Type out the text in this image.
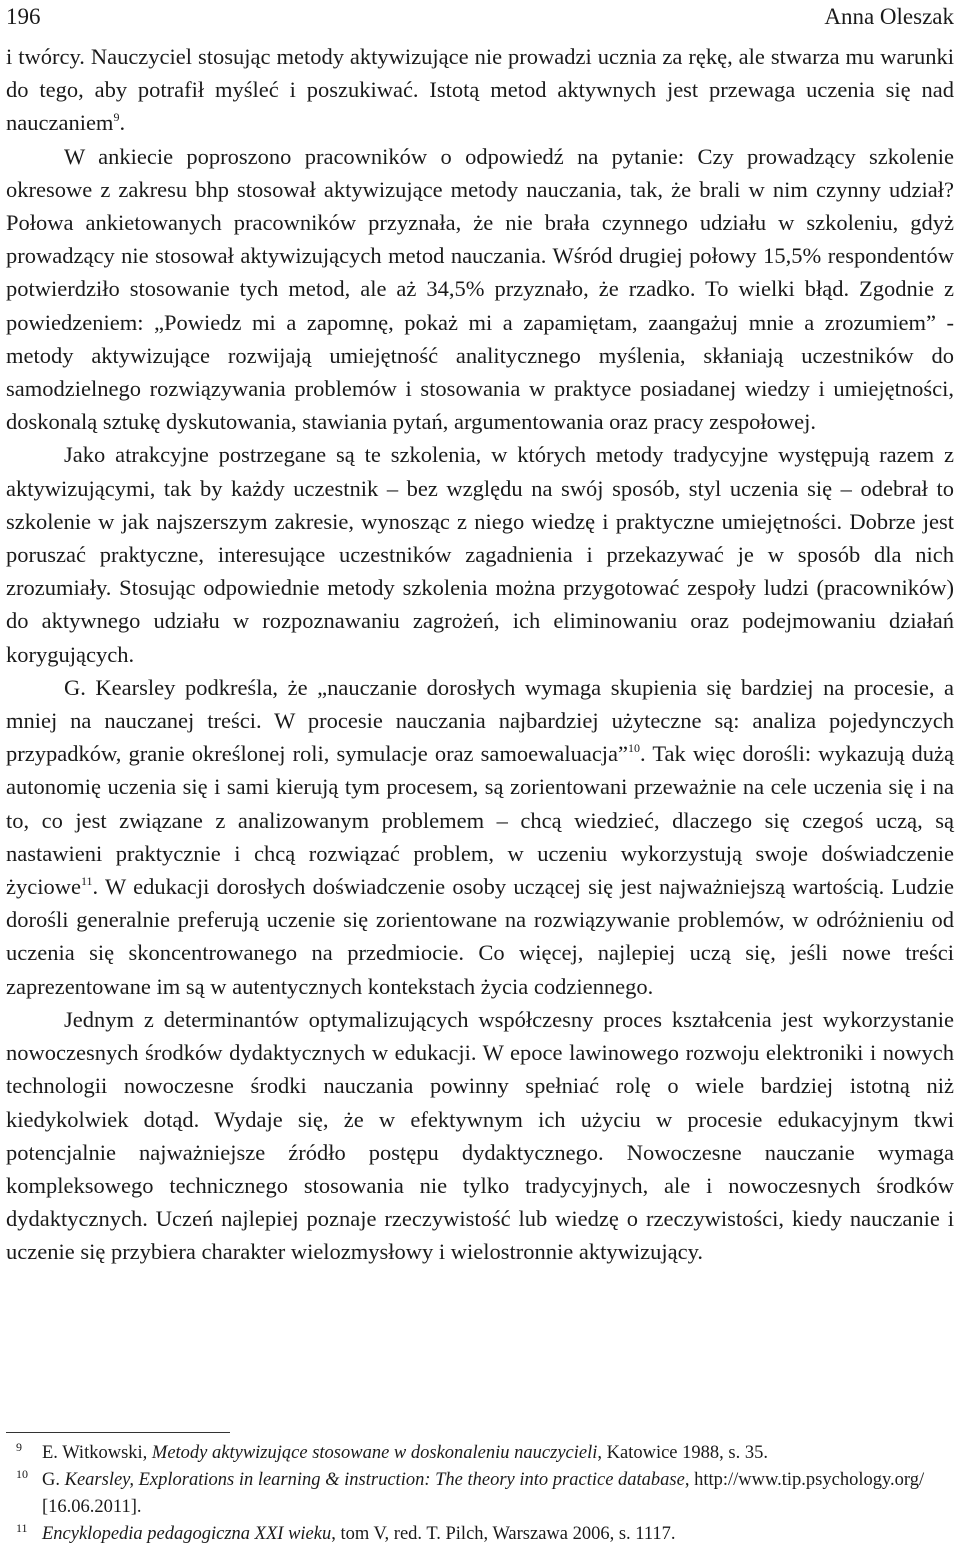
196	Anna Oleszak

i twórcy. Nauczyciel stosując metody aktywizujące nie prowadzi ucznia za rękę, ale stwarza mu warunki do tego, aby potrafił myśleć i poszukiwać. Istotą metod aktywnych jest przewaga uczenia się nad nauczaniem$^9$.

W ankiecie poproszono pracowników o odpowiedź na pytanie: Czy prowadzący szkolenie okresowe z zakresu bhp stosował aktywizujące metody nauczania, tak, że brali w nim czynny udział? Połowa ankietowanych pracowników przyznała, że nie brała czynnego udziału w szkoleniu, gdyż prowadzący nie stosował aktywizujących metod nauczania. Wśród drugiej połowy 15,5% respondentów potwierdziło stosowanie tych metod, ale aż 34,5% przyznało, że rzadko. To wielki błąd. Zgodnie z powiedzeniem: „Powiedz mi a zapomnę, pokaż mi a zapamiętam, zaangażuj mnie a zrozumiem” - metody aktywizujące rozwijają umiejętność analitycznego myślenia, skłaniają uczestników do samodzielnego rozwiązywania problemów i stosowania w praktyce posiadanej wiedzy i umiejętności, doskonalą sztukę dyskutowania, stawiania pytań, argumentowania oraz pracy zespołowej.

Jako atrakcyjne postrzegane są te szkolenia, w których metody tradycyjne występują razem z aktywizującymi, tak by każdy uczestnik – bez względu na swój sposób, styl uczenia się – odebrał to szkolenie w jak najszerszym zakresie, wynosząc z niego wiedzę i praktyczne umiejętności. Dobrze jest poruszać praktyczne, interesujące uczestników zagadnienia i przekazywać je w sposób dla nich zrozumiały. Stosując odpowiednie metody szkolenia można przygotować zespoły ludzi (pracowników) do aktywnego udziału w rozpoznawaniu zagrożeń, ich eliminowaniu oraz podejmowaniu działań korygujących.

G. Kearsley podkreśla, że „nauczanie dorosłych wymaga skupienia się bardziej na procesie, a mniej na nauczanej treści. W procesie nauczania najbardziej użyteczne są: analiza pojedynczych przypadków, granie określonej roli, symulacje oraz samoewaluacja”$^{10}$. Tak więc dorośli: wykazują dużą autonomię uczenia się i sami kierują tym procesem, są zorientowani przeważnie na cele uczenia się i na to, co jest związane z analizowanym problemem – chcą wiedzieć, dlaczego się czegoś uczą, są nastawieni praktycznie i chcą rozwiązać problem, w uczeniu wykorzystują swoje doświadczenie życiowe$^{11}$. W edukacji dorosłych doświadczenie osoby uczącej się jest najważniejszą wartością. Ludzie dorośli generalnie preferują uczenie się zorientowane na rozwiązywanie problemów, w odróżnieniu od uczenia się skoncentrowanego na przedmiocie. Co więcej, najlepiej uczą się, jeśli nowe treści zaprezentowane im są w autentycznych kontekstach życia codziennego.

Jednym z determinantów optymalizujących współczesny proces kształcenia jest wykorzystanie nowoczesnych środków dydaktycznych w edukacji. W epoce lawinowego rozwoju elektroniki i nowych technologii nowoczesne środki nauczania powinny spełniać rolę o wiele bardziej istotną niż kiedykolwiek dotąd. Wydaje się, że w efektywnym ich użyciu w procesie edukacyjnym tkwi potencjalnie najważniejsze źródło postępu dydaktycznego. Nowoczesne nauczanie wymaga kompleksowego technicznego stosowania nie tylko tradycyjnych, ale i nowoczesnych środków dydaktycznych. Uczeń najlepiej poznaje rzeczywistość lub wiedzę o rzeczywistości, kiedy nauczanie i uczenie się przybiera charakter wielozmysłowy i wielostronnie aktywizujący.

9 E. Witkowski, Metody aktywizujące stosowane w doskonaleniu nauczycieli, Katowice 1988, s. 35.

10 G. Kearsley, Explorations in learning & instruction: The theory into practice database, http://www.tip.psychology.org/ [16.06.2011].

11 Encyklopedia pedagogiczna XXI wieku, tom V, red. T. Pilch, Warszawa 2006, s. 1117.
